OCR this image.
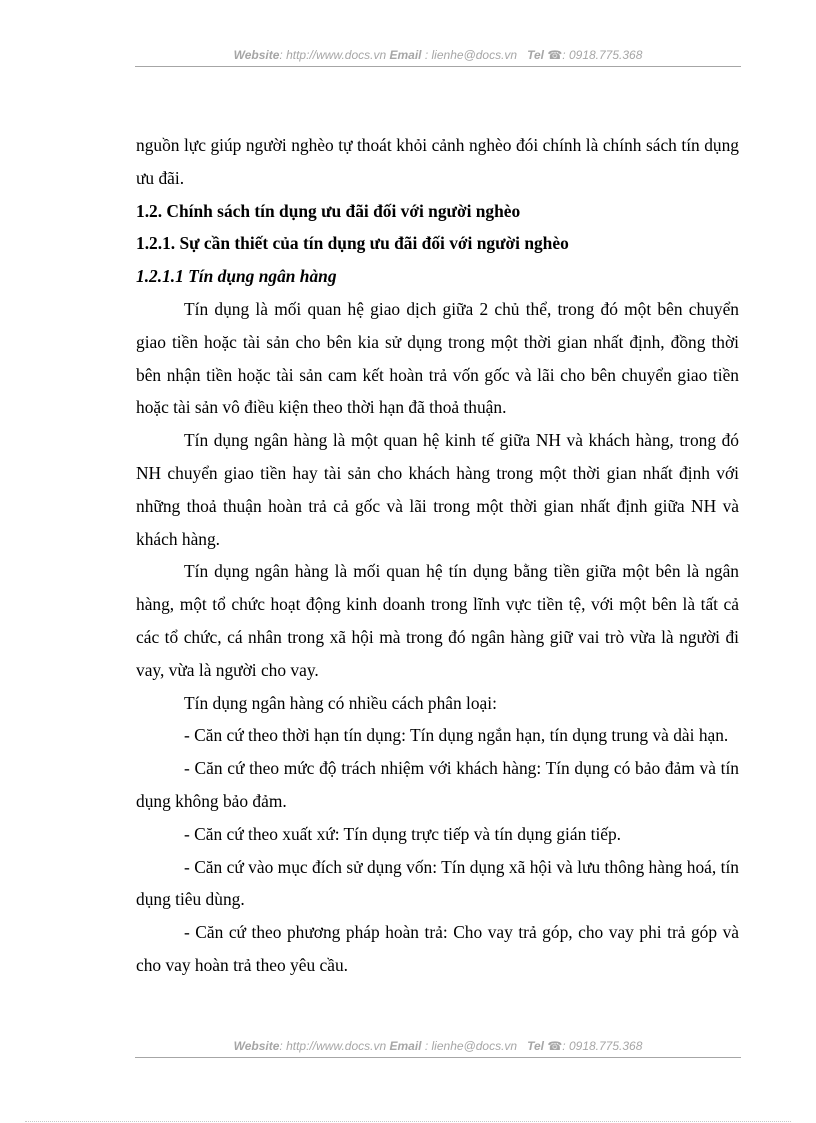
Website: http://www.docs.vn Email : lienhe@docs.vn Tel ☎: 0918.775.368

nguồn lực giúp người nghèo tự thoát khỏi cảnh nghèo đói chính là chính sách tín dụng ưu đãi.

1.2. Chính sách tín dụng ưu đãi đối với người nghèo

1.2.1. Sự cần thiết của tín dụng ưu đãi đối với người nghèo

1.2.1.1 Tín dụng ngân hàng

Tín dụng là mối quan hệ giao dịch giữa 2 chủ thể, trong đó một bên chuyển giao tiền hoặc tài sản cho bên kia sử dụng trong một thời gian nhất định, đồng thời bên nhận tiền hoặc tài sản cam kết hoàn trả vốn gốc và lãi cho bên chuyển giao tiền hoặc tài sản vô điều kiện theo thời hạn đã thoả thuận.

Tín dụng ngân hàng là một quan hệ kinh tế giữa NH và khách hàng, trong đó NH chuyển giao tiền hay tài sản cho khách hàng trong một thời gian nhất định với những thoả thuận hoàn trả cả gốc và lãi trong một thời gian nhất định giữa NH và khách hàng.

Tín dụng ngân hàng là mối quan hệ tín dụng bằng tiền giữa một bên là ngân hàng, một tổ chức hoạt động kinh doanh trong lĩnh vực tiền tệ, với một bên là tất cả các tổ chức, cá nhân trong xã hội mà trong đó ngân hàng giữ vai trò vừa là người đi vay, vừa là người cho vay.

Tín dụng ngân hàng có nhiều cách phân loại:

- Căn cứ theo thời hạn tín dụng: Tín dụng ngắn hạn, tín dụng trung và dài hạn.

- Căn cứ theo mức độ trách nhiệm với khách hàng: Tín dụng có bảo đảm và tín dụng không bảo đảm.

- Căn cứ theo xuất xứ: Tín dụng trực tiếp và tín dụng gián tiếp.

- Căn cứ vào mục đích sử dụng vốn: Tín dụng xã hội và lưu thông hàng hoá, tín dụng tiêu dùng.

- Căn cứ theo phương pháp hoàn trả: Cho vay trả góp, cho vay phi trả góp và cho vay hoàn trả theo yêu cầu.

Website: http://www.docs.vn Email : lienhe@docs.vn Tel ☎: 0918.775.368
